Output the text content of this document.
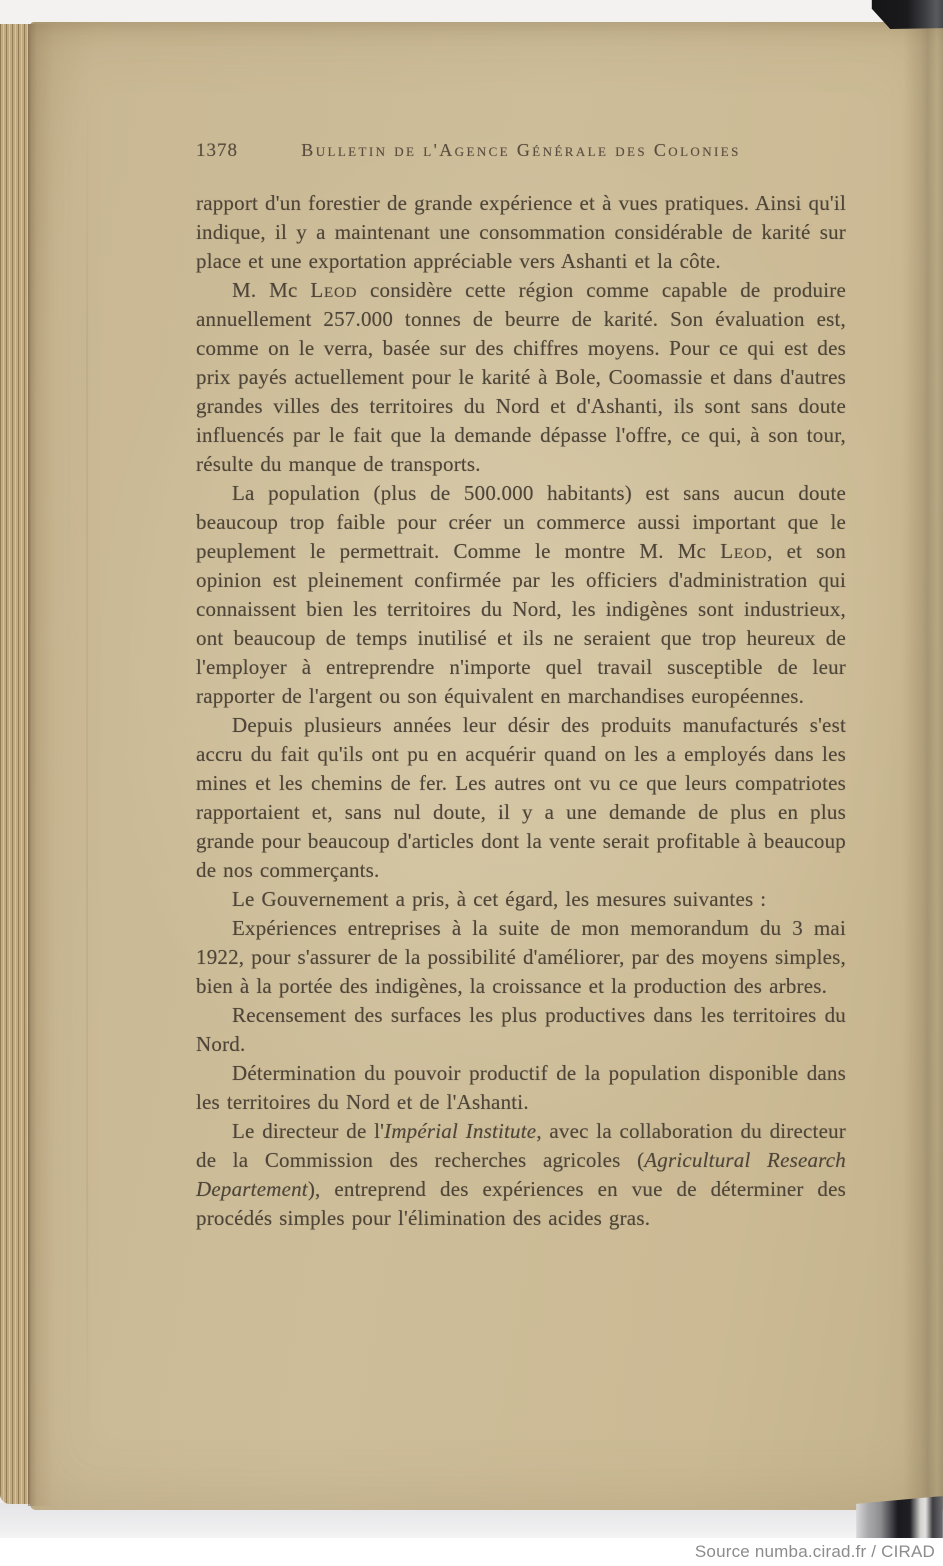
1378	Bulletin de l'Agence Générale des Colonies

rapport d'un forestier de grande expérience et à vues pratiques. Ainsi qu'il indique, il y a maintenant une consommation considérable de karité sur place et une exportation appréciable vers Ashanti et la côte.

M. Mc Leod considère cette région comme capable de produire annuellement 257.000 tonnes de beurre de karité. Son évaluation est, comme on le verra, basée sur des chiffres moyens. Pour ce qui est des prix payés actuellement pour le karité à Bole, Coomassie et dans d'autres grandes villes des territoires du Nord et d'Ashanti, ils sont sans doute influencés par le fait que la demande dépasse l'offre, ce qui, à son tour, résulte du manque de transports.

La population (plus de 500.000 habitants) est sans aucun doute beaucoup trop faible pour créer un commerce aussi important que le peuplement le permettrait. Comme le montre M. Mc Leod, et son opinion est pleinement confirmée par les officiers d'administration qui connaissent bien les territoires du Nord, les indigènes sont industrieux, ont beaucoup de temps inutilisé et ils ne seraient que trop heureux de l'employer à entreprendre n'importe quel travail susceptible de leur rapporter de l'argent ou son équivalent en marchandises européennes.

Depuis plusieurs années leur désir des produits manufacturés s'est accru du fait qu'ils ont pu en acquérir quand on les a employés dans les mines et les chemins de fer. Les autres ont vu ce que leurs compatriotes rapportaient et, sans nul doute, il y a une demande de plus en plus grande pour beaucoup d'articles dont la vente serait profitable à beaucoup de nos commerçants.

Le Gouvernement a pris, à cet égard, les mesures suivantes :

Expériences entreprises à la suite de mon memorandum du 3 mai 1922, pour s'assurer de la possibilité d'améliorer, par des moyens simples, bien à la portée des indigènes, la croissance et la production des arbres.

Recensement des surfaces les plus productives dans les territoires du Nord.

Détermination du pouvoir productif de la population disponible dans les territoires du Nord et de l'Ashanti.

Le directeur de l'Impérial Institute, avec la collaboration du directeur de la Commission des recherches agricoles (Agricultural Research Departement), entreprend des expériences en vue de déterminer des procédés simples pour l'élimination des acides gras.

Source numba.cirad.fr / CIRAD
